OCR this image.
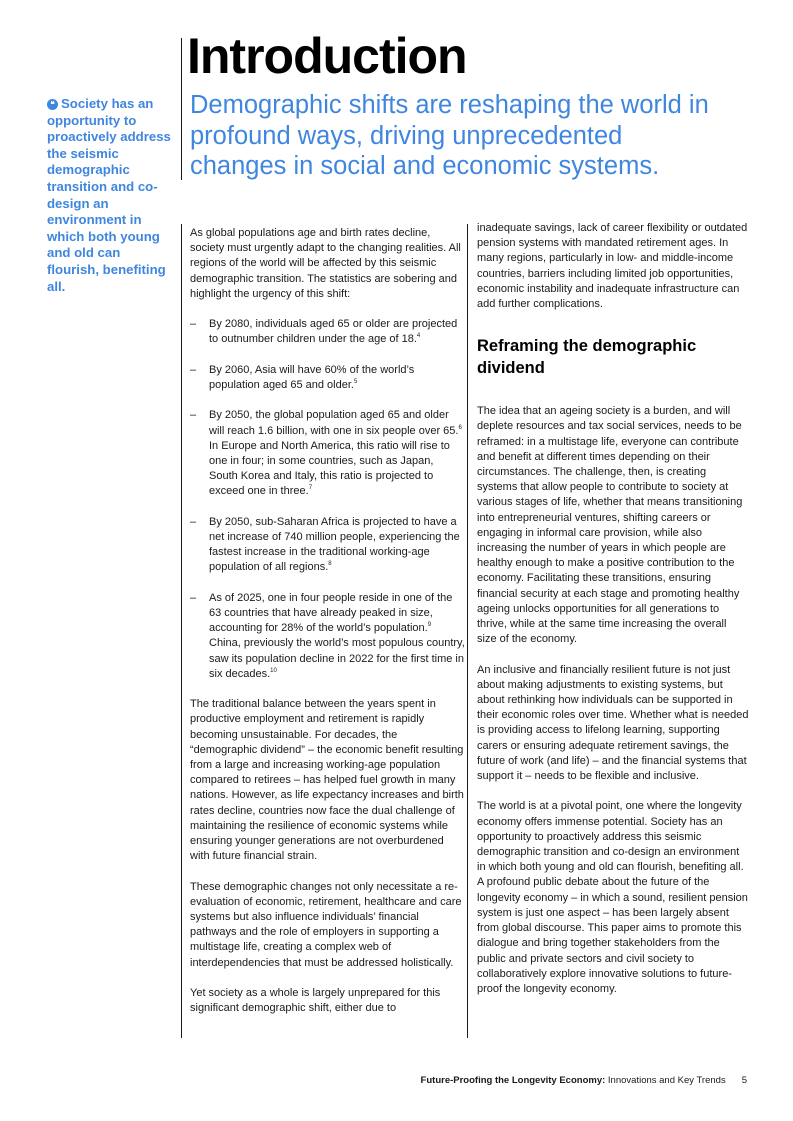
Introduction
❝ Society has an opportunity to proactively address the seismic demographic transition and co-design an environment in which both young and old can flourish, benefiting all.
Demographic shifts are reshaping the world in profound ways, driving unprecedented changes in social and economic systems.

As global populations age and birth rates decline, society must urgently adapt to the changing realities. All regions of the world will be affected by this seismic demographic transition. The statistics are sobering and highlight the urgency of this shift:

– By 2080, individuals aged 65 or older are projected to outnumber children under the age of 18.$^4$
– By 2060, Asia will have 60% of the world’s population aged 65 and older.$^5$
– By 2050, the global population aged 65 and older will reach 1.6 billion, with one in six people over 65.$^6$ In Europe and North America, this ratio will rise to one in four; in some countries, such as Japan, South Korea and Italy, this ratio is projected to exceed one in three.$^7$
– By 2050, sub-Saharan Africa is projected to have a net increase of 740 million people, experiencing the fastest increase in the traditional working-age population of all regions.$^8$
– As of 2025, one in four people reside in one of the 63 countries that have already peaked in size, accounting for 28% of the world’s population.$^9$ China, previously the world’s most populous country, saw its population decline in 2022 for the first time in six decades.$^{10}$

The traditional balance between the years spent in productive employment and retirement is rapidly becoming unsustainable. For decades, the “demographic dividend” – the economic benefit resulting from a large and increasing working-age population compared to retirees – has helped fuel growth in many nations. However, as life expectancy increases and birth rates decline, countries now face the dual challenge of maintaining the resilience of economic systems while ensuring younger generations are not overburdened with future financial strain.

These demographic changes not only necessitate a re-evaluation of economic, retirement, healthcare and care systems but also influence individuals’ financial pathways and the role of employers in supporting a multistage life, creating a complex web of interdependencies that must be addressed holistically.

Yet society as a whole is largely unprepared for this significant demographic shift, either due to

inadequate savings, lack of career flexibility or outdated pension systems with mandated retirement ages. In many regions, particularly in low- and middle-income countries, barriers including limited job opportunities, economic instability and inadequate infrastructure can add further complications.

Reframing the demographic dividend

The idea that an ageing society is a burden, and will deplete resources and tax social services, needs to be reframed: in a multistage life, everyone can contribute and benefit at different times depending on their circumstances. The challenge, then, is creating systems that allow people to contribute to society at various stages of life, whether that means transitioning into entrepreneurial ventures, shifting careers or engaging in informal care provision, while also increasing the number of years in which people are healthy enough to make a positive contribution to the economy. Facilitating these transitions, ensuring financial security at each stage and promoting healthy ageing unlocks opportunities for all generations to thrive, while at the same time increasing the overall size of the economy.

An inclusive and financially resilient future is not just about making adjustments to existing systems, but about rethinking how individuals can be supported in their economic roles over time. Whether what is needed is providing access to lifelong learning, supporting carers or ensuring adequate retirement savings, the future of work (and life) – and the financial systems that support it – needs to be flexible and inclusive.

The world is at a pivotal point, one where the longevity economy offers immense potential. Society has an opportunity to proactively address this seismic demographic transition and co-design an environment in which both young and old can flourish, benefiting all. A profound public debate about the future of the longevity economy – in which a sound, resilient pension system is just one aspect – has been largely absent from global discourse. This paper aims to promote this dialogue and bring together stakeholders from the public and private sectors and civil society to collaboratively explore innovative solutions to future-proof the longevity economy.

Future-Proofing the Longevity Economy: Innovations and Key Trends 5
